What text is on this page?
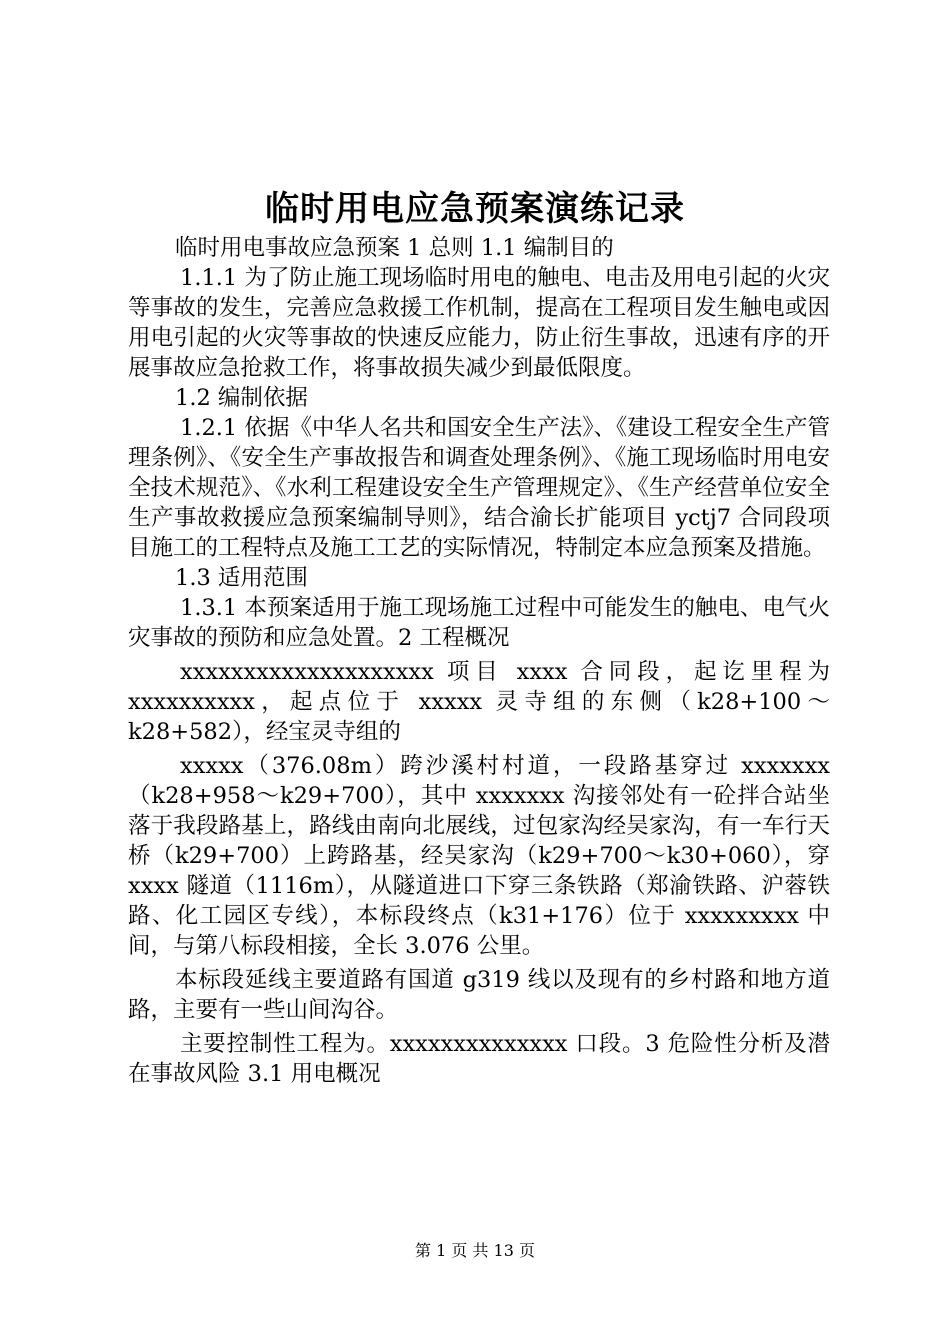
临时用电应急预案演练记录

临时用电事故应急预案 1 总则 1.1 编制目的

1.1.1 为了防止施工现场临时用电的触电、电击及用电引起的火灾等事故的发生，完善应急救援工作机制，提高在工程项目发生触电或因用电引起的火灾等事故的快速反应能力，防止衍生事故，迅速有序的开展事故应急抢救工作，将事故损失减少到最低限度。

1.2 编制依据

1.2.1 依据《中华人名共和国安全生产法》、《建设工程安全生产管理条例》、《安全生产事故报告和调查处理条例》、《施工现场临时用电安全技术规范》、《水利工程建设安全生产管理规定》、《生产经营单位安全生产事故救援应急预案编制导则》，结合渝长扩能项目 yctj7 合同段项目施工的工程特点及施工工艺的实际情况，特制定本应急预案及措施。

1.3 适用范围

1.3.1 本预案适用于施工现场施工过程中可能发生的触电、电气火灾事故的预防和应急处置。2 工程概况

xxxxxxxxxxxxxxxxxxxx 项目 xxxx 合同段，起讫里程为 xxxxxxxxxx，起点位于 xxxxx 灵寺组的东侧（k28+100～k28+582），经宝灵寺组的

xxxxx（376.08m）跨沙溪村村道，一段路基穿过 xxxxxxx（k28+958～k29+700），其中 xxxxxxx 沟接邻处有一砼拌合站坐落于我段路基上，路线由南向北展线，过包家沟经吴家沟，有一车行天桥（k29+700）上跨路基，经吴家沟（k29+700～k30+060），穿 xxxx 隧道（1116m），从隧道进口下穿三条铁路（郑渝铁路、沪蓉铁路、化工园区专线），本标段终点（k31+176）位于 xxxxxxxxx 中间，与第八标段相接，全长 3.076 公里。

本标段延线主要道路有国道 g319 线以及现有的乡村路和地方道路，主要有一些山间沟谷。

主要控制性工程为。xxxxxxxxxxxxxx 口段。3 危险性分析及潜在事故风险 3.1 用电概况

第 1 页 共 13 页
